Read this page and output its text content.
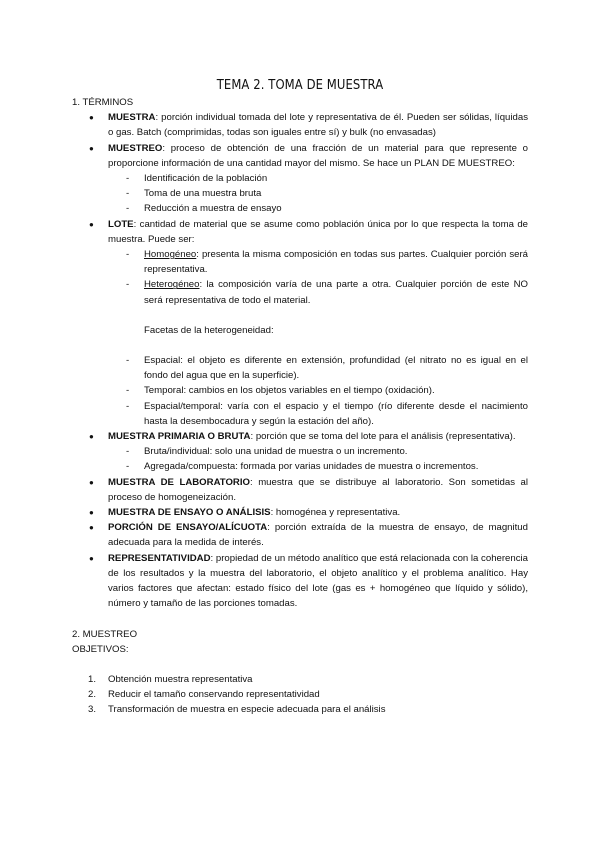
TEMA 2. TOMA DE MUESTRA

1. TÉRMINOS

● MUESTRA: porción individual tomada del lote y representativa de él. Pueden ser sólidas, líquidas o gas. Batch (comprimidas, todas son iguales entre sí) y bulk (no envasadas)
● MUESTREO: proceso de obtención de una fracción de un material para que represente o proporcione información de una cantidad mayor del mismo. Se hace un PLAN DE MUESTREO:
- Identificación de la población
- Toma de una muestra bruta
- Reducción a muestra de ensayo
● LOTE: cantidad de material que se asume como población única por lo que respecta la toma de muestra. Puede ser:
- Homogéneo: presenta la misma composición en todas sus partes. Cualquier porción será representativa.
- Heterogéneo: la composición varía de una parte a otra. Cualquier porción de este NO será representativa de todo el material.
Facetas de la heterogeneidad:
- Espacial: el objeto es diferente en extensión, profundidad (el nitrato no es igual en el fondo del agua que en la superficie).
- Temporal: cambios en los objetos variables en el tiempo (oxidación).
- Espacial/temporal: varía con el espacio y el tiempo (río diferente desde el nacimiento hasta la desembocadura y según la estación del año).
● MUESTRA PRIMARIA O BRUTA: porción que se toma del lote para el análisis (representativa).
- Bruta/individual: solo una unidad de muestra o un incremento.
- Agregada/compuesta: formada por varias unidades de muestra o incrementos.
● MUESTRA DE LABORATORIO: muestra que se distribuye al laboratorio. Son sometidas al proceso de homogeneización.
● MUESTRA DE ENSAYO O ANÁLISIS: homogénea y representativa.
● PORCIÓN DE ENSAYO/ALÍCUOTA: porción extraída de la muestra de ensayo, de magnitud adecuada para la medida de interés.
● REPRESENTATIVIDAD: propiedad de un método analítico que está relacionada con la coherencia de los resultados y la muestra del laboratorio, el objeto analítico y el problema analítico. Hay varios factores que afectan: estado físico del lote (gas es + homogéneo que líquido y sólido), número y tamaño de las porciones tomadas.

2. MUESTREO

OBJETIVOS:

1. Obtención muestra representativa
2. Reducir el tamaño conservando representatividad
3. Transformación de muestra en especie adecuada para el análisis
